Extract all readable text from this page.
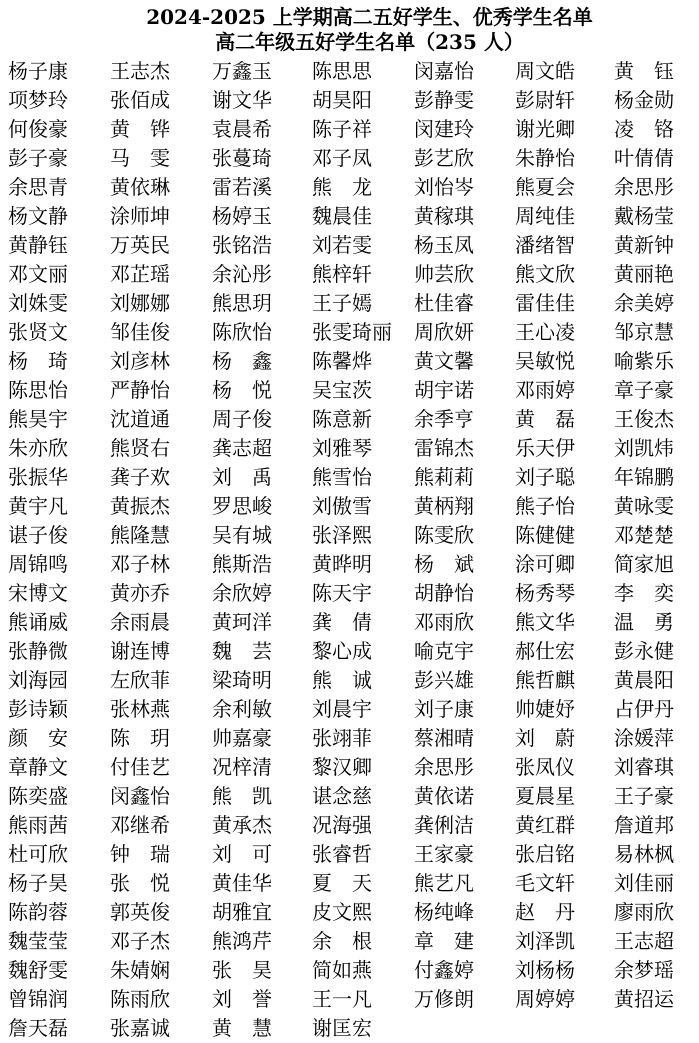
2024-2025 上学期高二五好学生、优秀学生名单
高二年级五好学生名单（235 人）
杨子康 王志杰 万鑫玉 陈思思 闵嘉怡 周文皓 黄　钰
项梦玲 张佰成 谢文华 胡昊阳 彭静雯 彭尉轩 杨金勋
何俊豪 黄　铧 袁晨希 陈子祥 闵建玲 谢光卿 凌　铬
彭子豪 马　雯 张蔓琦 邓子凤 彭艺欣 朱静怡 叶倩倩
余思青 黄依琳 雷若溪 熊　龙 刘怡岑 熊夏会 余思彤
杨文静 涂师坤 杨婷玉 魏晨佳 黄稼琪 周纯佳 戴杨莹
黄静钰 万英民 张铭浩 刘若雯 杨玉凤 潘绪智 黄新钟
邓文丽 邓芷瑶 余沁彤 熊梓轩 帅芸欣 熊文欣 黄丽艳
刘姝雯 刘娜娜 熊思玥 王子嫣 杜佳睿 雷佳佳 余美婷
张贤文 邹佳俊 陈欣怡 张雯琦丽 周欣妍 王心凌 邹京慧
杨　琦 刘彦林 杨　鑫 陈馨烨 黄文馨 吴敏悦 喻紫乐
陈思怡 严静怡 杨　悦 吴宝茨 胡宇诺 邓雨婷 章子豪
熊昊宇 沈道通 周子俊 陈意新 余季亨 黄　磊 王俊杰
朱亦欣 熊贤右 龚志超 刘雅琴 雷锦杰 乐天伊 刘凯炜
张振华 龚子欢 刘　禹 熊雪怡 熊莉莉 刘子聪 年锦鹏
黄宇凡 黄振杰 罗思峻 刘傲雪 黄柄翔 熊子怡 黄咏雯
谌子俊 熊隆慧 吴有城 张泽熙 陈雯欣 陈健健 邓楚楚
周锦鸣 邓子林 熊斯浩 黄晔明 杨　斌 涂可卿 简家旭
宋博文 黄亦乔 余欣婷 陈天宇 胡静怡 杨秀琴 李　奕
熊诵威 余雨晨 黄珂洋 龚　倩 邓雨欣 熊文华 温　勇
张静微 谢连博 魏　芸 黎心成 喻克宇 郝仕宏 彭永健
刘海园 左欣菲 梁琦明 熊　诚 彭兴雄 熊哲麒 黄晨阳
彭诗颖 张林燕 余利敏 刘晨宇 刘子康 帅婕妤 占伊丹
颜　安 陈　玥 帅嘉豪 张翊菲 蔡湘晴 刘　蔚 涂媛萍
章静文 付佳艺 况梓清 黎汉卿 余思彤 张凤仪 刘睿琪
陈奕盛 闵鑫怡 熊　凯 谌念慈 黄依诺 夏晨星 王子豪
熊雨茜 邓继希 黄承杰 况海强 龚俐洁 黄红群 詹道邦
杜可欣 钟　瑞 刘　可 张睿哲 王家豪 张启铭 易林枫
杨子昊 张　悦 黄佳华 夏　天 熊艺凡 毛文轩 刘佳丽
陈韵蓉 郭英俊 胡雅宜 皮文熙 杨纯峰 赵　丹 廖雨欣
魏莹莹 邓子杰 熊鸿芹 余　根 章　建 刘泽凯 王志超
魏舒雯 朱婧娴 张　昊 简如燕 付鑫婷 刘杨杨 余梦瑶
曾锦润 陈雨欣 刘　誉 王一凡 万修朗 周婷婷 黄招运
詹天磊 张嘉诚 黄　慧 谢匡宏
